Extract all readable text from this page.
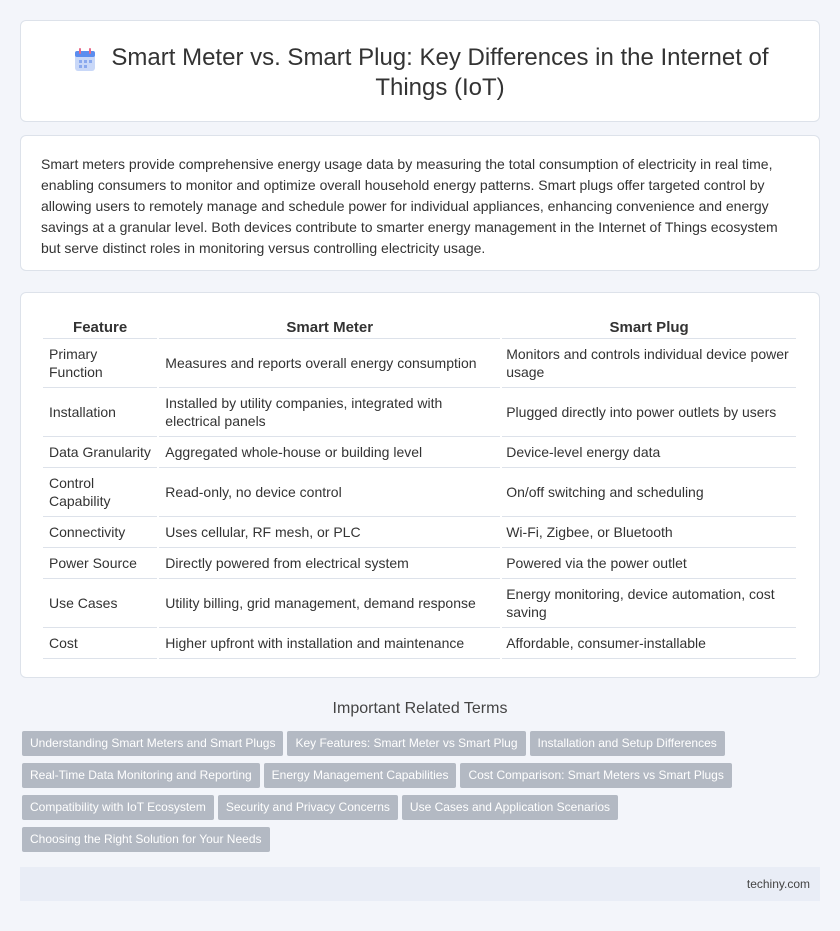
Smart Meter vs. Smart Plug: Key Differences in the Internet of Things (IoT)

Smart meters provide comprehensive energy usage data by measuring the total consumption of electricity in real time, enabling consumers to monitor and optimize overall household energy patterns. Smart plugs offer targeted control by allowing users to remotely manage and schedule power for individual appliances, enhancing convenience and energy savings at a granular level. Both devices contribute to smarter energy management in the Internet of Things ecosystem but serve distinct roles in monitoring versus controlling electricity usage.

Feature	Smart Meter	Smart Plug
Primary Function	Measures and reports overall energy consumption	Monitors and controls individual device power usage
Installation	Installed by utility companies, integrated with electrical panels	Plugged directly into power outlets by users
Data Granularity	Aggregated whole-house or building level	Device-level energy data
Control Capability	Read-only, no device control	On/off switching and scheduling
Connectivity	Uses cellular, RF mesh, or PLC	Wi-Fi, Zigbee, or Bluetooth
Power Source	Directly powered from electrical system	Powered via the power outlet
Use Cases	Utility billing, grid management, demand response	Energy monitoring, device automation, cost saving
Cost	Higher upfront with installation and maintenance	Affordable, consumer-installable
Important Related Terms
Understanding Smart Meters and Smart Plugs Key Features: Smart Meter vs Smart Plug Installation and Setup Differences
Real-Time Data Monitoring and Reporting Energy Management Capabilities Cost Comparison: Smart Meters vs Smart Plugs
Compatibility with IoT Ecosystem Security and Privacy Concerns Use Cases and Application Scenarios
Choosing the Right Solution for Your Needs
techiny.com
